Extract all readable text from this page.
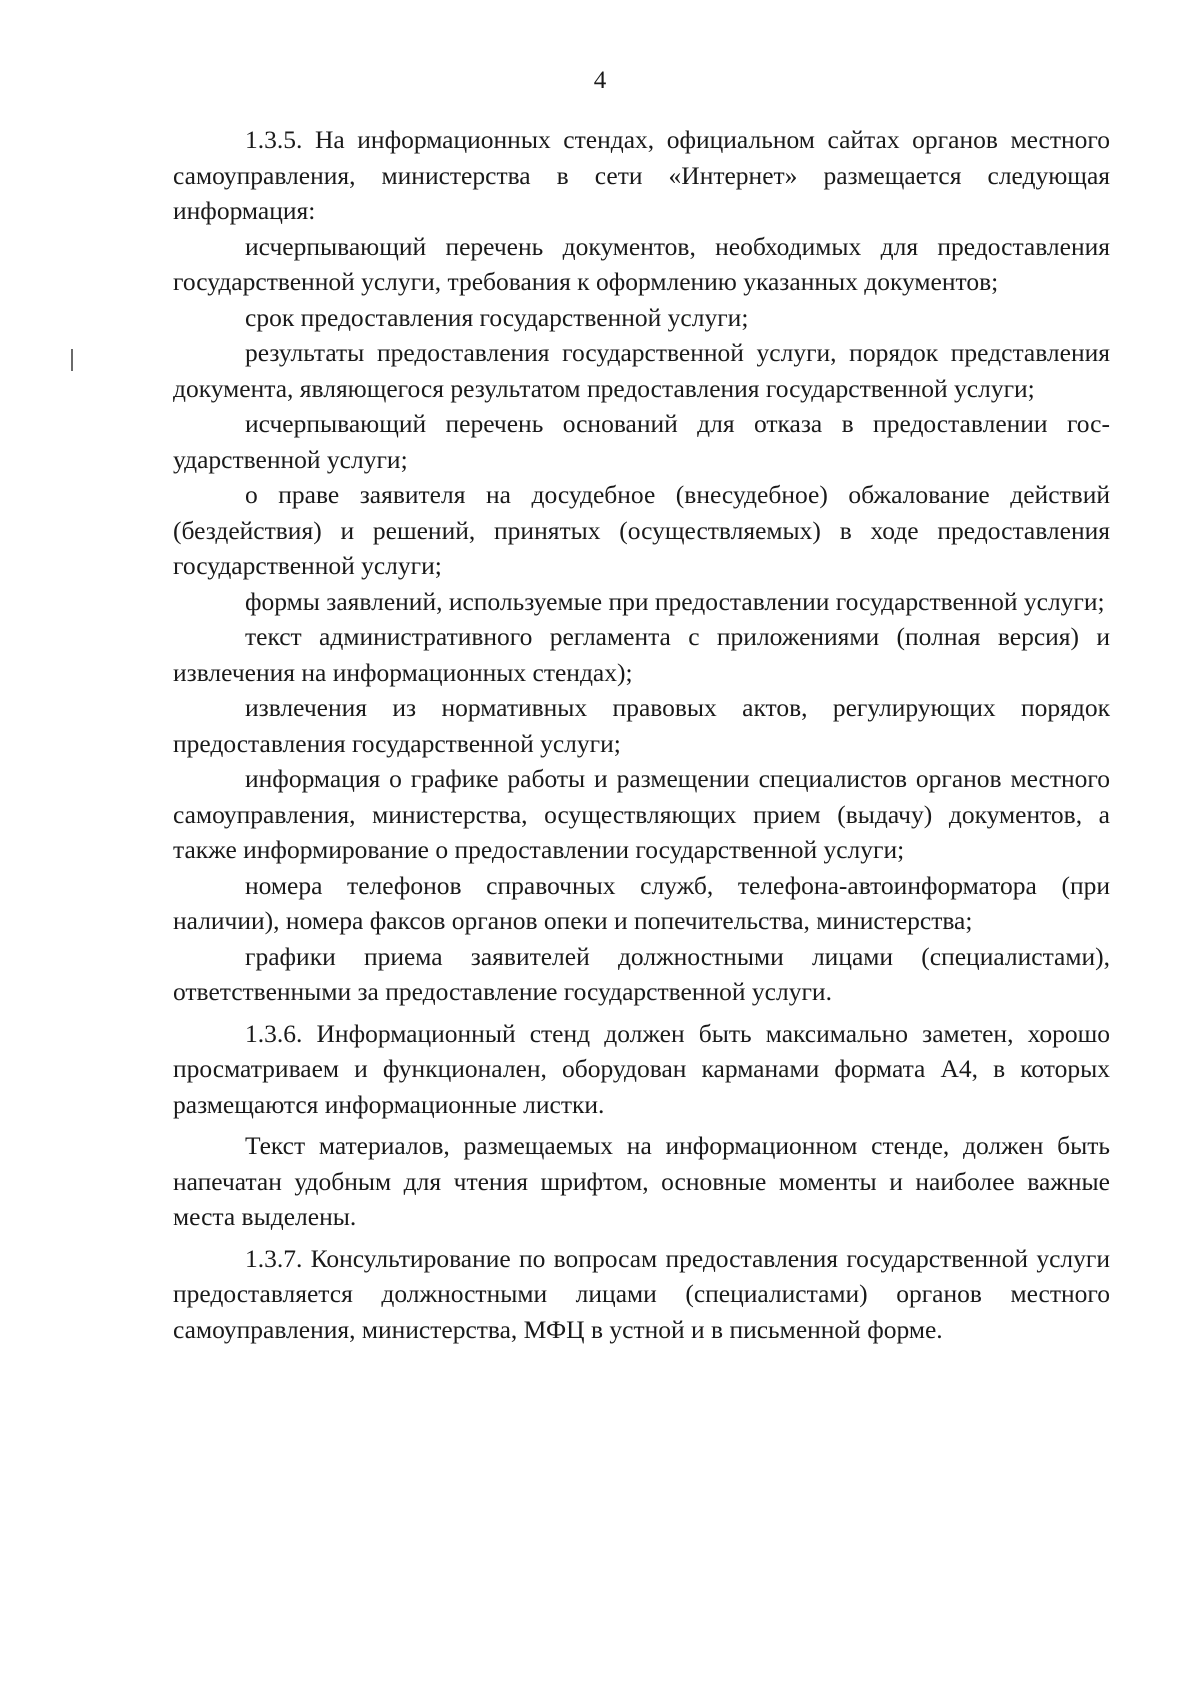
4

1.3.5. На информационных стендах, официальном сайтах органов местного самоуправления, министерства в сети «Интернет» размещается следующая информация:

исчерпывающий перечень документов, необходимых для предоставления государственной услуги, требования к оформлению указанных документов;

срок предоставления государственной услуги;

результаты предоставления государственной услуги, порядок представления документа, являющегося результатом предоставления государственной услуги;

исчерпывающий перечень оснований для отказа в предоставлении государственной услуги;

о праве заявителя на досудебное (внесудебное) обжалование действий (бездействия) и решений, принятых (осуществляемых) в ходе предоставления государственной услуги;

формы заявлений, используемые при предоставлении государственной услуги;

текст административного регламента с приложениями (полная версия) и извлечения на информационных стендах);

извлечения из нормативных правовых актов, регулирующих порядок предоставления государственной услуги;

информация о графике работы и размещении специалистов органов местного самоуправления, министерства, осуществляющих прием (выдачу) документов, а также информирование о предоставлении государственной услуги;

номера телефонов справочных служб, телефона-автоинформатора (при наличии), номера факсов органов опеки и попечительства, министерства;

графики приема заявителей должностными лицами (специалистами), ответственными за предоставление государственной услуги.

1.3.6. Информационный стенд должен быть максимально заметен, хорошо просматриваем и функционален, оборудован карманами формата А4, в которых размещаются информационные листки.

Текст материалов, размещаемых на информационном стенде, должен быть напечатан удобным для чтения шрифтом, основные моменты и наиболее важные места выделены.

1.3.7. Консультирование по вопросам предоставления государственной услуги предоставляется должностными лицами (специалистами) органов местного самоуправления, министерства, МФЦ в устной и в письменной форме.
